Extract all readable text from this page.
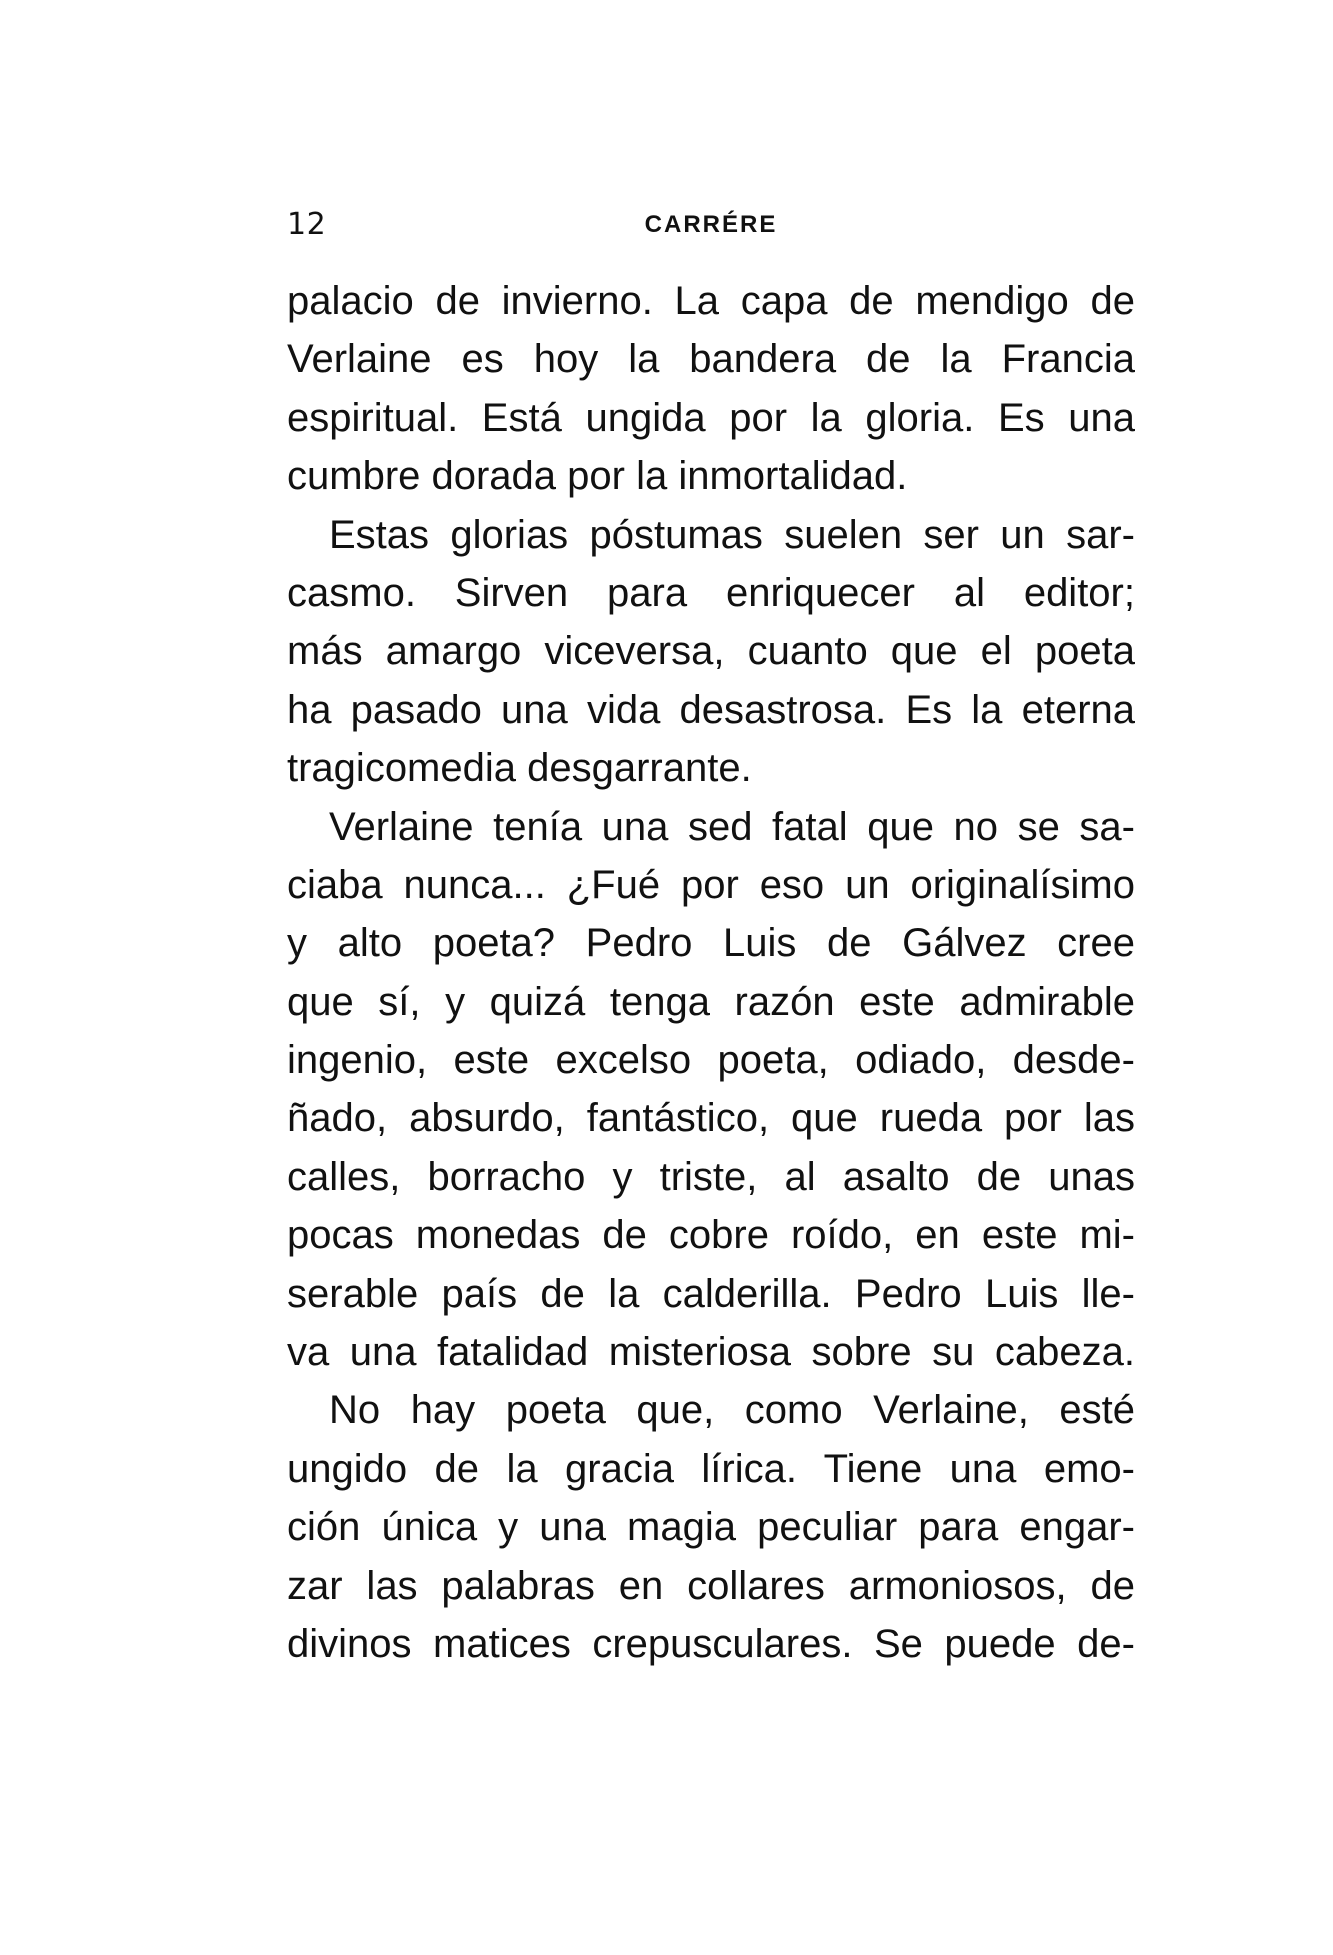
12	CARRÉRE
palacio de invierno. La capa de mendigo de
Verlaine es hoy la bandera de la Francia
espiritual. Está ungida por la gloria. Es una
cumbre dorada por la inmortalidad.
Estas glorias póstumas suelen ser un sar-
casmo. Sirven para enriquecer al editor;
más amargo viceversa, cuanto que el poeta
ha pasado una vida desastrosa. Es la eterna
tragicomedia desgarrante.
Verlaine tenía una sed fatal que no se sa-
ciaba nunca... ¿Fué por eso un originalísimo
y alto poeta? Pedro Luis de Gálvez cree
que sí, y quizá tenga razón este admirable
ingenio, este excelso poeta, odiado, desde-
ñado, absurdo, fantástico, que rueda por las
calles, borracho y triste, al asalto de unas
pocas monedas de cobre roído, en este mi-
serable país de la calderilla. Pedro Luis lle-
va una fatalidad misteriosa sobre su cabeza.
No hay poeta que, como Verlaine, esté
ungido de la gracia lírica. Tiene una emo-
ción única y una magia peculiar para engar-
zar las palabras en collares armoniosos, de
divinos matices crepusculares. Se puede de-
